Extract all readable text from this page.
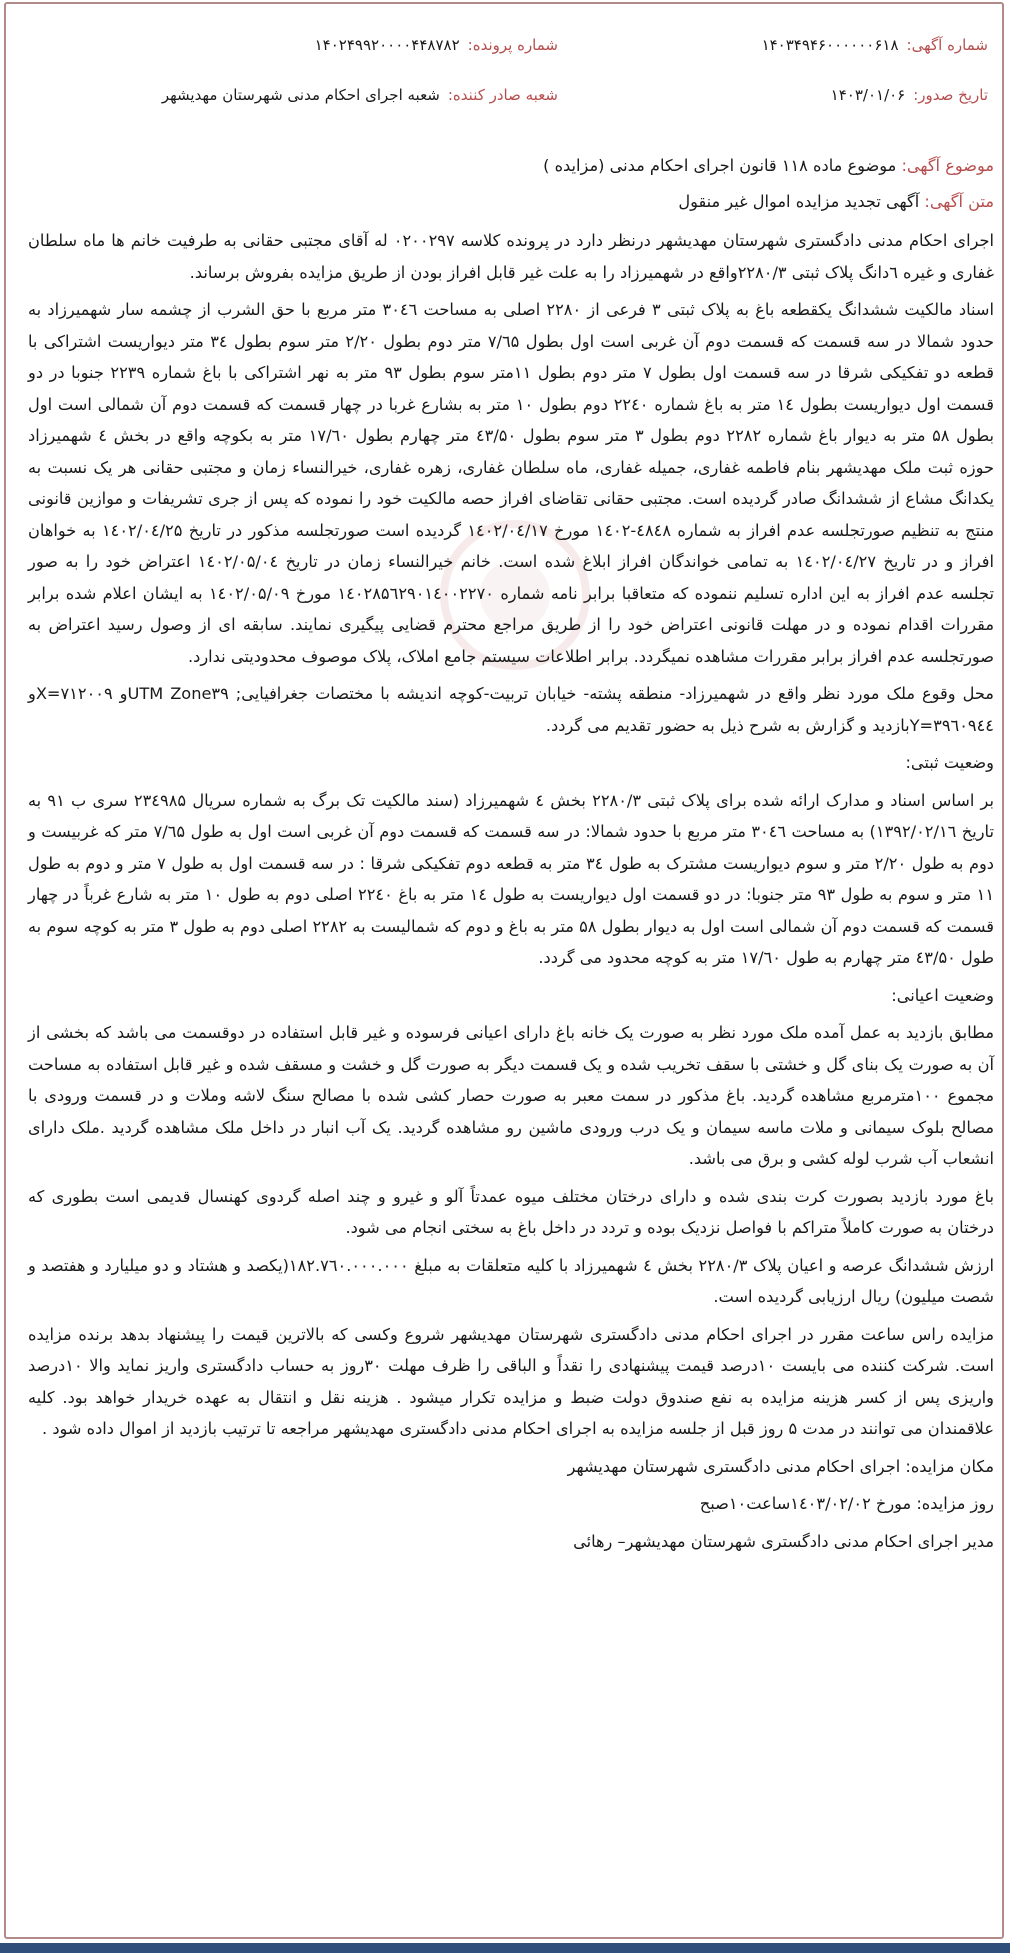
شماره آگهی:
۱۴۰۳۴۹۴۶۰۰۰۰۰۰۶۱۸
شماره پرونده:
۱۴۰۲۴۹۹۲۰۰۰۰۴۴۸۷۸۲
تاریخ صدور:
۱۴۰۳/۰۱/۰۶
شعبه صادر کننده:
شعبه اجرای احکام مدنی شهرستان مهدیشهر
موضوع آگهی: موضوع ماده ۱۱۸ قانون اجرای احکام مدنی (مزایده )
متن آگهی: آگهی تجدید مزایده اموال غیر منقول

اجرای احکام مدنی دادگستری شهرستان مهدیشهر درنظر دارد در پرونده کلاسه ۰۲۰۰۲۹۷ له آقای مجتبی حقانی به طرفیت خانم ها ماه سلطان غفاری و غیره ٦دانگ پلاک ثبتی ۲۲۸۰/۳واقع در شهمیرزاد را به علت غیر قابل افراز بودن از طریق مزایده بفروش برساند.

اسناد مالکیت ششدانگ یکقطعه باغ به پلاک ثبتی ۳ فرعی از ۲۲۸۰ اصلی به مساحت ۳۰٤٦ متر مربع با حق الشرب از چشمه سار شهمیرزاد به حدود شمالا در سه قسمت که قسمت دوم آن غربی است اول بطول ۷/٦۵ متر دوم بطول ۲/۲۰ متر سوم بطول ۳٤ متر دیواریست اشتراکی با قطعه دو تفکیکی شرقا در سه قسمت اول بطول ۷ متر دوم بطول ۱۱متر سوم بطول ۹۳ متر به نهر اشتراکی با باغ شماره ۲۲۳۹ جنوبا در دو قسمت اول دیواریست بطول ۱٤ متر به باغ شماره ۲۲٤۰ دوم بطول ۱۰ متر به بشارع غربا در چهار قسمت که قسمت دوم آن شمالی است اول بطول ۵۸ متر به دیوار باغ شماره ۲۲۸۲ دوم بطول ۳ متر سوم بطول ٤۳/۵۰ متر چهارم بطول ۱۷/٦۰ متر به بکوچه واقع در بخش ٤ شهمیرزاد حوزه ثبت ملک مهدیشهر بنام فاطمه غفاری، جمیله غفاری، ماه سلطان غفاری، زهره غفاری، خیرالنساء زمان و مجتبی حقانی هر یک نسبت به یکدانگ مشاع از ششدانگ صادر گردیده است. مجتبی حقانی تقاضای افراز حصه مالکیت خود را نموده که پس از جری تشریفات و موازین قانونی منتج به تنظیم صورتجلسه عدم افراز به شماره ٤۸٤۸-۱٤۰۲ مورخ ۱٤۰۲/۰٤/۱۷ گردیده است صورتجلسه مذکور در تاریخ ۱٤۰۲/۰٤/۲۵ به خواهان افراز و در تاریخ ۱٤۰۲/۰٤/۲۷ به تمامی خواندگان افراز ابلاغ شده است. خانم خیرالنساء زمان در تاریخ ۱٤۰۲/۰۵/۰٤ اعتراض خود را به صور تجلسه عدم افراز به این اداره تسلیم ننموده که متعاقبا برابر نامه شماره ۱٤۰۲۸۵٦۲۹۰۱٤۰۰۲۲۷۰ مورخ ۱٤۰۲/۰۵/۰۹ به ایشان اعلام شده برابر مقررات اقدام نموده و در مهلت قانونی اعتراض خود را از طریق مراجع محترم قضایی پیگیری نمایند. سابقه ای از وصول رسید اعتراض به صورتجلسه عدم افراز برابر مقررات مشاهده نمیگردد. برابر اطلاعات سیستم جامع املاک، پلاک موصوف محدودیتی ندارد.

محل وقوع ملک مورد نظر واقع در شهمیرزاد- منطقه پشته- خیابان تربیت-کوچه اندیشه با مختصات جغرافیایی; UTM Zone۳۹و X=۷۱۲۰۰۹و Y=۳۹٦۰۹٤٤بازدید و گزارش به شرح ذیل به حضور تقدیم می گردد.

وضعیت ثبتی:

بر اساس اسناد و مدارک ارائه شده برای پلاک ثبتی ۲۲۸۰/۳ بخش ٤ شهمیرزاد (سند مالکیت تک برگ به شماره سریال ۲۳٤۹۸۵ سری ب ۹۱ به تاریخ ۱۳۹۲/۰۲/۱٦) به مساحت ۳۰٤٦ متر مربع با حدود شمالا: در سه قسمت که قسمت دوم آن غربی است اول به طول ۷/٦۵ متر که غربیست و دوم به طول ۲/۲۰ متر و سوم دیواریست مشترک به طول ۳٤ متر به قطعه دوم تفکیکی شرقا : در سه قسمت اول به طول ۷ متر و دوم به طول ۱۱ متر و سوم به طول ۹۳ متر جنوبا: در دو قسمت اول دیواریست به طول ۱٤ متر به باغ ۲۲٤۰ اصلی دوم به طول ۱۰ متر به شارع غرباً در چهار قسمت که قسمت دوم آن شمالی است اول به دیوار بطول ۵۸ متر به باغ و دوم که شمالیست به ۲۲۸۲ اصلی دوم به طول ۳ متر به کوچه سوم به طول ٤۳/۵۰ متر چهارم به طول ۱۷/٦۰ متر به کوچه محدود می گردد.

وضعیت اعیانی:

مطابق بازدید به عمل آمده ملک مورد نظر به صورت یک خانه باغ دارای اعیانی فرسوده و غیر قابل استفاده در دوقسمت می باشد که بخشی از آن به صورت یک بنای گل و خشتی با سقف تخریب شده و یک قسمت دیگر به صورت گل و خشت و مسقف شده و غیر قابل استفاده به مساحت مجموع ۱۰۰مترمربع مشاهده گردید. باغ مذکور در سمت معبر به صورت حصار کشی شده با مصالح سنگ لاشه وملات و در قسمت ورودی با مصالح بلوک سیمانی و ملات ماسه سیمان و یک درب ورودی ماشین رو مشاهده گردید. یک آب انبار در داخل ملک مشاهده گردید .ملک دارای انشعاب آب شرب لوله کشی و برق می باشد.

باغ مورد بازدید بصورت کرت بندی شده و دارای درختان مختلف میوه عمدتاً آلو و غیرو و چند اصله گردوی کهنسال قدیمی است بطوری که درختان به صورت کاملاً متراکم با فواصل نزدیک بوده و تردد در داخل باغ به سختی انجام می شود.

ارزش ششدانگ عرصه و اعیان پلاک ۲۲۸۰/۳ بخش ٤ شهمیرزاد با کلیه متعلقات به مبلغ ۱۸۲.۷٦۰.۰۰۰.۰۰۰(یکصد و هشتاد و دو میلیارد و هفتصد و شصت میلیون) ریال ارزیابی گردیده است.

مزایده راس ساعت مقرر در اجرای احکام مدنی دادگستری شهرستان مهدیشهر شروع وکسی که بالاترین قیمت را پیشنهاد بدهد برنده مزایده است. شرکت کننده می بایست ۱۰درصد قیمت پیشنهادی را نقداً و الباقی را ظرف مهلت ۳۰روز به حساب دادگستری واریز نماید والا ۱۰درصد واریزی پس از کسر هزینه مزایده به نفع صندوق دولت ضبط و مزایده تکرار میشود . هزینه نقل و انتقال به عهده خریدار خواهد بود. کلیه علاقمندان می توانند در مدت ۵ روز قبل از جلسه مزایده به اجرای احکام مدنی دادگستری مهدیشهر مراجعه تا ترتیب بازدید از اموال داده شود .

مکان مزایده: اجرای احکام مدنی دادگستری شهرستان مهدیشهر

روز مزایده: مورخ ۱٤۰۳/۰۲/۰۲ساعت۱۰صبح

مدیر اجرای احکام مدنی دادگستری شهرستان مهدیشهر– رهائی
